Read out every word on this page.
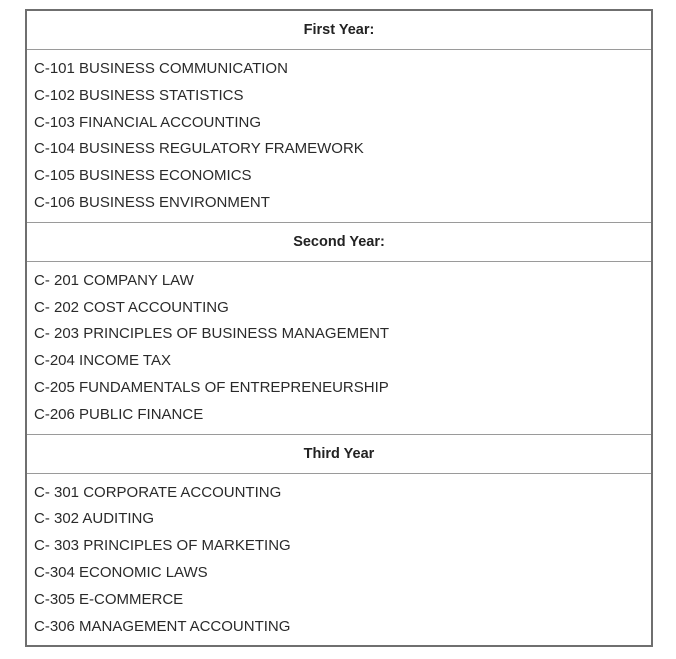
First Year:
C-101 BUSINESS COMMUNICATION
C-102 BUSINESS STATISTICS
C-103 FINANCIAL ACCOUNTING
C-104 BUSINESS REGULATORY FRAMEWORK
C-105 BUSINESS ECONOMICS
C-106 BUSINESS ENVIRONMENT
Second Year:
C- 201 COMPANY LAW
C- 202 COST ACCOUNTING
C- 203 PRINCIPLES OF BUSINESS MANAGEMENT
C-204 INCOME TAX
C-205 FUNDAMENTALS OF ENTREPRENEURSHIP
C-206 PUBLIC FINANCE
Third Year
C- 301 CORPORATE ACCOUNTING
C- 302 AUDITING
C- 303 PRINCIPLES OF MARKETING
C-304 ECONOMIC LAWS
C-305 E-COMMERCE
C-306 MANAGEMENT ACCOUNTING
